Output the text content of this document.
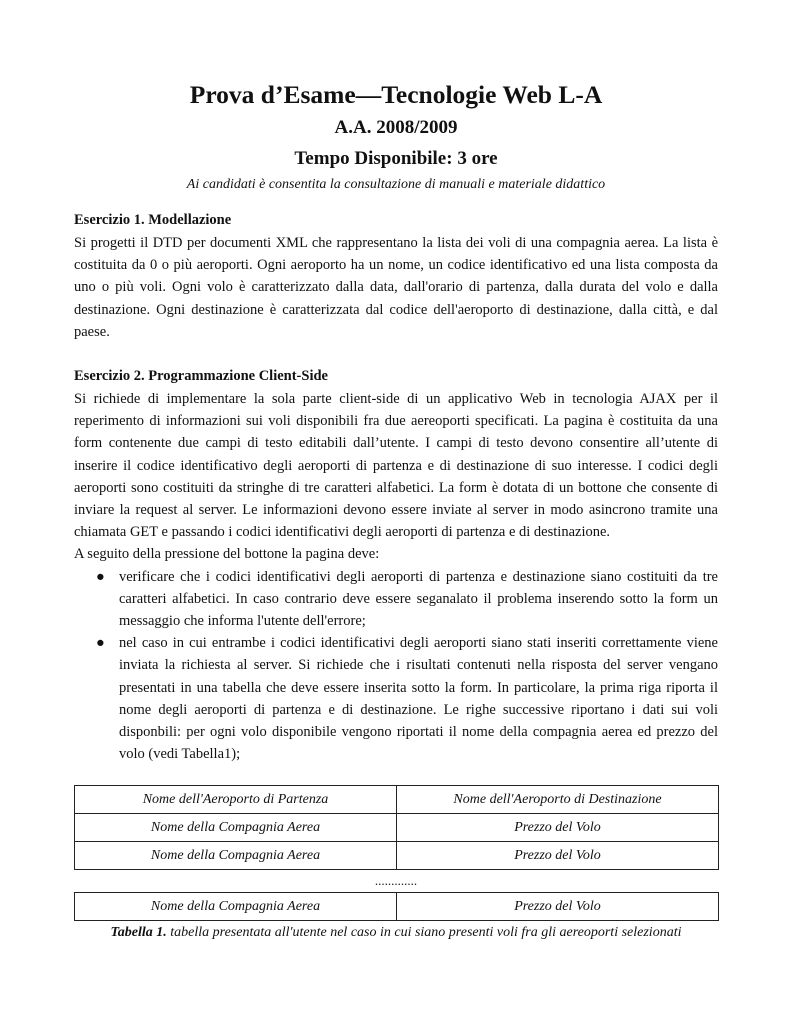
Prova d’Esame—Tecnologie Web L-A
A.A. 2008/2009
Tempo Disponibile: 3 ore
Ai candidati è consentita la consultazione di manuali e materiale didattico
Esercizio 1. Modellazione

Si progetti il DTD per documenti XML che rappresentano la lista dei voli di una compagnia aerea. La lista è costituita da 0 o più aeroporti. Ogni aeroporto ha un nome, un codice identificativo ed una lista composta da uno o più voli. Ogni volo è caratterizzato dalla data, dall'orario di partenza, dalla durata del volo e dalla destinazione. Ogni destinazione è caratterizzata dal codice dell'aeroporto di destinazione, dalla città, e dal paese.

Esercizio 2. Programmazione Client-Side

Si richiede di implementare la sola parte client-side di un applicativo Web in tecnologia AJAX per il reperimento di informazioni sui voli disponibili fra due aereoporti specificati. La pagina è costituita da una form contenente due campi di testo editabili dall’utente. I campi di testo devono consentire all’utente di inserire il codice identificativo degli aeroporti di partenza e di destinazione di suo interesse. I codici degli aeroporti sono costituiti da stringhe di tre caratteri alfabetici. La form è dotata di un bottone che consente di inviare la request al server. Le informazioni devono essere inviate al server in modo asincrono tramite una chiamata GET e passando i codici identificativi degli aeroporti di partenza e di destinazione.

A seguito della pressione del bottone la pagina deve:

● verificare che i codici identificativi degli aeroporti di partenza e destinazione siano costituiti da tre caratteri alfabetici. In caso contrario deve essere seganalato il problema inserendo sotto la form un messaggio che informa l'utente dell'errore;
● nel caso in cui entrambe i codici identificativi degli aeroporti siano stati inseriti correttamente viene inviata la richiesta al server. Si richiede che i risultati contenuti nella risposta del server vengano presentati in una tabella che deve essere inserita sotto la form. In particolare, la prima riga riporta il nome degli aeroporti di partenza e di destinazione. Le righe successive riportano i dati sui voli disponbili: per ogni volo disponibile vengono riportati il nome della compagnia aerea ed prezzo del volo (vedi Tabella1);
Nome dell'Aeroporto di Partenza	Nome dell'Aeroporto di Destinazione
Nome della Compagnia Aerea	Prezzo del Volo
Nome della Compagnia Aerea	Prezzo del Volo
.............
Nome della Compagnia Aerea	Prezzo del Volo

Tabella 1. tabella presentata all'utente nel caso in cui siano presenti voli fra gli aereoporti selezionati
